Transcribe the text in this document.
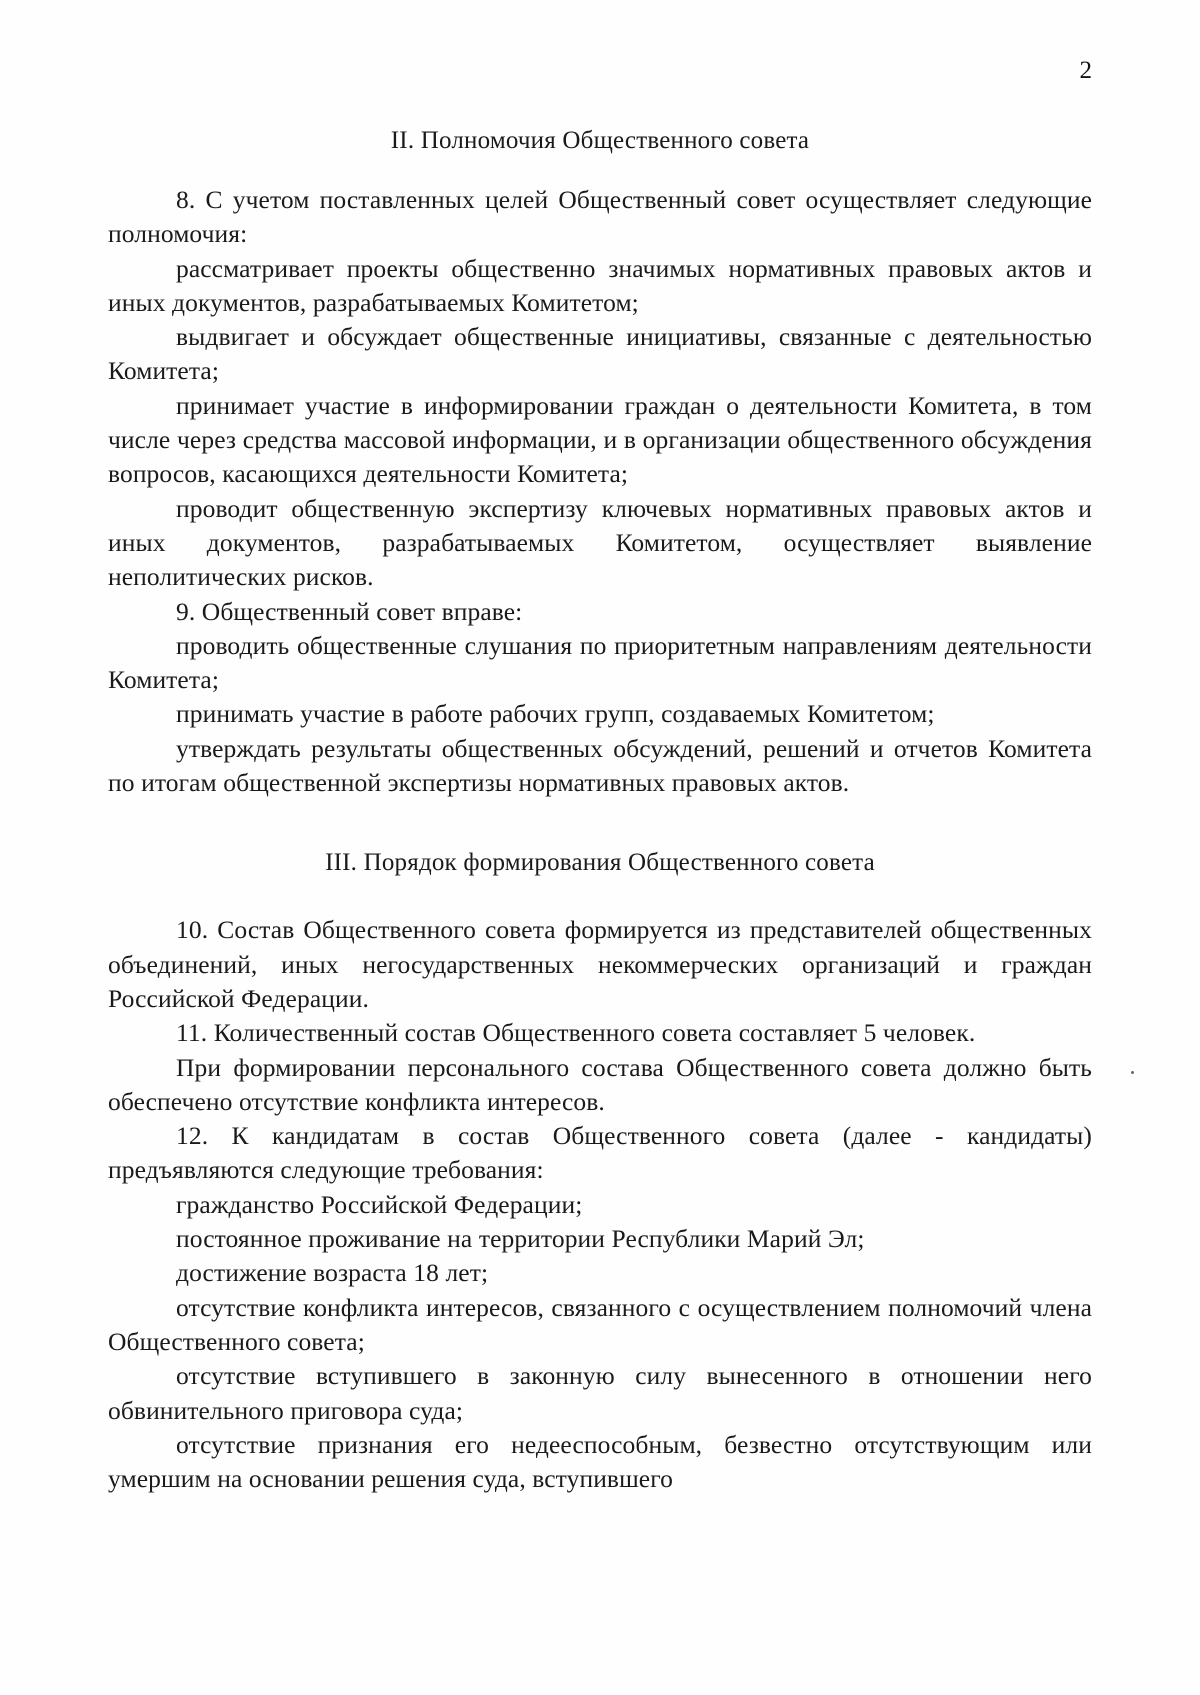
2
II. Полномочия Общественного совета

8. С учетом поставленных целей Общественный совет осуществляет следующие полномочия:

рассматривает проекты общественно значимых нормативных правовых актов и иных документов, разрабатываемых Комитетом;

выдвигает и обсуждает общественные инициативы, связанные с деятельностью Комитета;

принимает участие в информировании граждан о деятельности Комитета, в том числе через средства массовой информации, и в организации общественного обсуждения вопросов, касающихся деятельности Комитета;

проводит общественную экспертизу ключевых нормативных правовых актов и иных документов, разрабатываемых Комитетом, осуществляет выявление неполитических рисков.

9. Общественный совет вправе:

проводить общественные слушания по приоритетным направлениям деятельности Комитета;

принимать участие в работе рабочих групп, создаваемых Комитетом;

утверждать результаты общественных обсуждений, решений и отчетов Комитета по итогам общественной экспертизы нормативных правовых актов.

III. Порядок формирования Общественного совета

10. Состав Общественного совета формируется из представителей общественных объединений, иных негосударственных некоммерческих организаций и граждан Российской Федерации.

11. Количественный состав Общественного совета составляет 5 человек.

При формировании персонального состава Общественного совета должно быть обеспечено отсутствие конфликта интересов.

12. К кандидатам в состав Общественного совета (далее - кандидаты) предъявляются следующие требования:

гражданство Российской Федерации;

постоянное проживание на территории Республики Марий Эл;

достижение возраста 18 лет;

отсутствие конфликта интересов, связанного с осуществлением полномочий члена Общественного совета;

отсутствие вступившего в законную силу вынесенного в отношении него обвинительного приговора суда;

отсутствие признания его недееспособным, безвестно отсутствующим или умершим на основании решения суда, вступившего
